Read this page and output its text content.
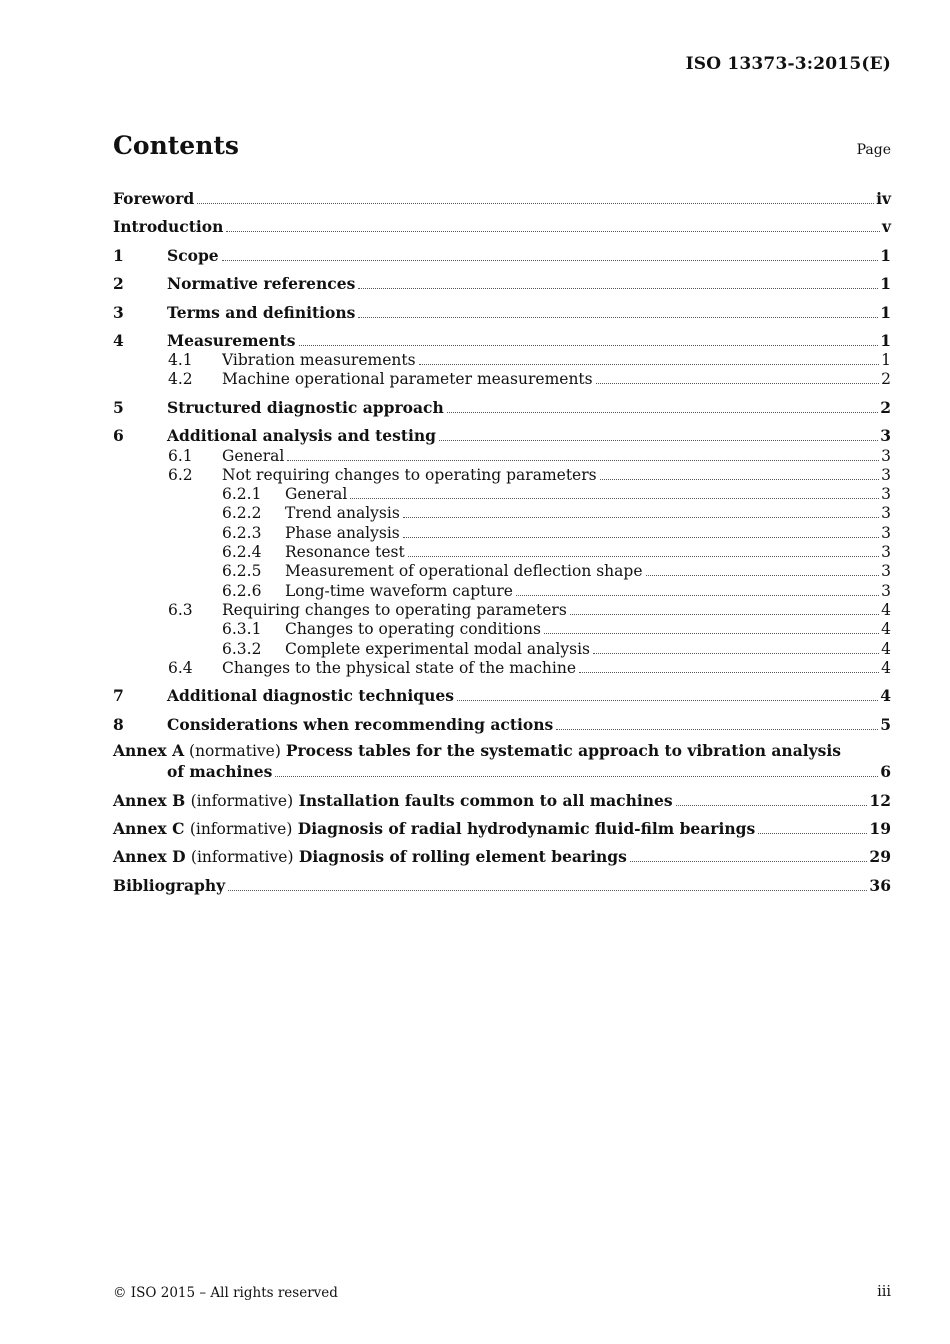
ISO 13373-3:2015(E)
Contents	Page
Foreword	iv
Introduction	v
1	Scope	1
2	Normative references	1
3	Terms and definitions	1
4	Measurements	1
4.1	Vibration measurements	1
4.2	Machine operational parameter measurements	2
5	Structured diagnostic approach	2
6	Additional analysis and testing	3
6.1	General	3
6.2	Not requiring changes to operating parameters	3
6.2.1	General	3
6.2.2	Trend analysis	3
6.2.3	Phase analysis	3
6.2.4	Resonance test	3
6.2.5	Measurement of operational deflection shape	3
6.2.6	Long-time waveform capture	3
6.3	Requiring changes to operating parameters	4
6.3.1	Changes to operating conditions	4
6.3.2	Complete experimental modal analysis	4
6.4	Changes to the physical state of the machine	4
7	Additional diagnostic techniques	4
8	Considerations when recommending actions	5
Annex A (normative) Process tables for the systematic approach to vibration analysis
of machines	6
Annex B (informative) Installation faults common to all machines	12
Annex C (informative) Diagnosis of radial hydrodynamic fluid-film bearings	19
Annex D (informative) Diagnosis of rolling element bearings	29
Bibliography	36
© ISO 2015 – All rights reserved	iii
